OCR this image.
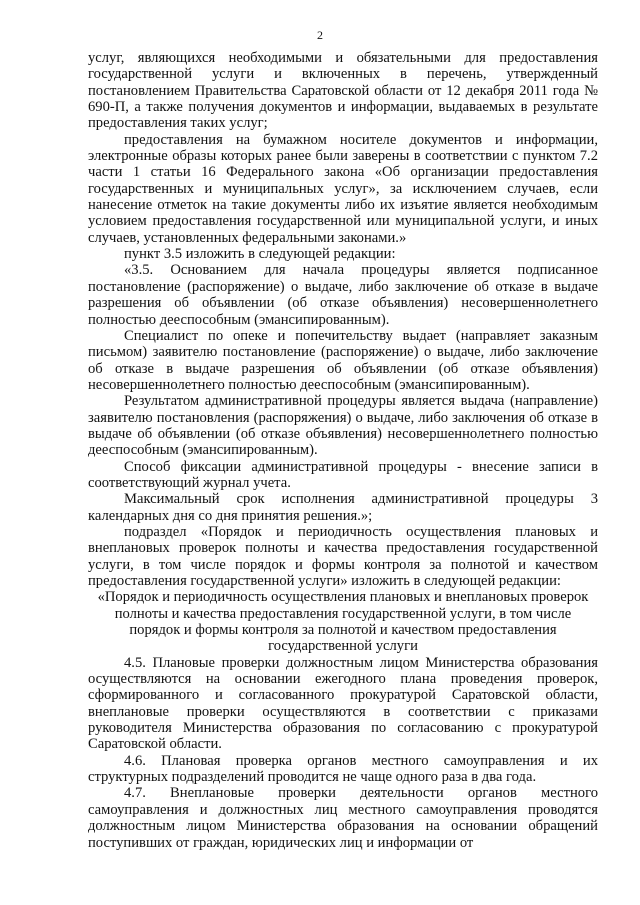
2

услуг, являющихся необходимыми и обязательными для предоставления государственной услуги и включенных в перечень, утвержденный постановлением Правительства Саратовской области от 12 декабря 2011 года № 690-П, а также получения документов и информации, выдаваемых в результате предоставления таких услуг;

предоставления на бумажном носителе документов и информации, электронные образы которых ранее были заверены в соответствии с пунктом 7.2 части 1 статьи 16 Федерального закона «Об организации предоставления государственных и муниципальных услуг», за исключением случаев, если нанесение отметок на такие документы либо их изъятие является необходимым условием предоставления государственной или муниципальной услуги, и иных случаев, установленных федеральными законами.»

пункт 3.5 изложить в следующей редакции:

«3.5. Основанием для начала процедуры является подписанное постановление (распоряжение) о выдаче, либо заключение об отказе в выдаче разрешения об объявлении (об отказе объявления) несовершеннолетнего полностью дееспособным (эмансипированным).

Специалист по опеке и попечительству выдает (направляет заказным письмом) заявителю постановление (распоряжение) о выдаче, либо заключение об отказе в выдаче разрешения об объявлении (об отказе объявления) несовершеннолетнего полностью дееспособным (эмансипированным).

Результатом административной процедуры является выдача (направление) заявителю постановления (распоряжения) о выдаче, либо заключения об отказе в выдаче об объявлении (об отказе объявления) несовершеннолетнего полностью дееспособным (эмансипированным).

Способ фиксации административной процедуры - внесение записи в соответствующий журнал учета.

Максимальный срок исполнения административной процедуры 3 календарных дня со дня принятия решения.»;

подраздел «Порядок и периодичность осуществления плановых и внеплановых проверок полноты и качества предоставления государственной услуги, в том числе порядок и формы контроля за полнотой и качеством предоставления государственной услуги» изложить в следующей редакции:

«Порядок и периодичность осуществления плановых и внеплановых проверок полноты и качества предоставления государственной услуги, в том числе порядок и формы контроля за полнотой и качеством предоставления государственной услуги

4.5. Плановые проверки должностным лицом Министерства образования осуществляются на основании ежегодного плана проведения проверок, сформированного и согласованного прокуратурой Саратовской области, внеплановые проверки осуществляются в соответствии с приказами руководителя Министерства образования по согласованию с прокуратурой Саратовской области.

4.6. Плановая проверка органов местного самоуправления и их структурных подразделений проводится не чаще одного раза в два года.

4.7. Внеплановые проверки деятельности органов местного самоуправления и должностных лиц местного самоуправления проводятся должностным лицом Министерства образования на основании обращений поступивших от граждан, юридических лиц и информации от
